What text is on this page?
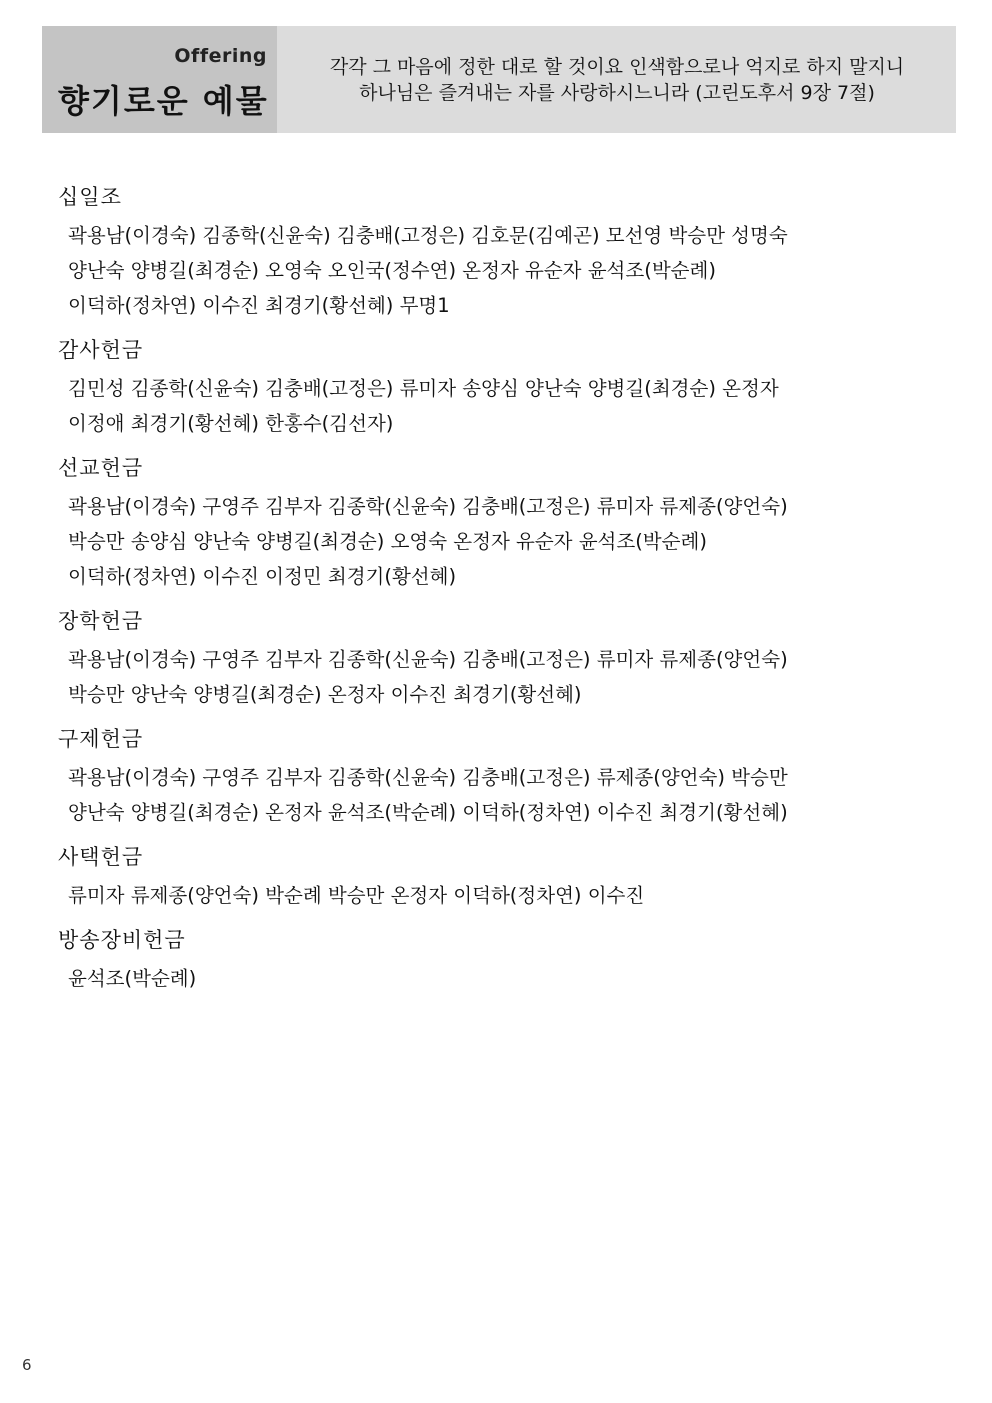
Offering
향기로운 예물
각각 그 마음에 정한 대로 할 것이요 인색함으로나 억지로 하지 말지니
하나님은 즐겨내는 자를 사랑하시느니라 (고린도후서 9장 7절)
십일조
곽용남(이경숙) 김종학(신윤숙) 김충배(고정은) 김호문(김예곤) 모선영 박승만 성명숙
양난숙 양병길(최경순) 오영숙 오인국(정수연) 온정자 유순자 윤석조(박순례)
이덕하(정차연) 이수진 최경기(황선혜) 무명1
감사헌금
김민성 김종학(신윤숙) 김충배(고정은) 류미자 송양심 양난숙 양병길(최경순) 온정자
이정애 최경기(황선혜) 한홍수(김선자)
선교헌금
곽용남(이경숙) 구영주 김부자 김종학(신윤숙) 김충배(고정은) 류미자 류제종(양언숙)
박승만 송양심 양난숙 양병길(최경순) 오영숙 온정자 유순자 윤석조(박순례)
이덕하(정차연) 이수진 이정민 최경기(황선혜)
장학헌금
곽용남(이경숙) 구영주 김부자 김종학(신윤숙) 김충배(고정은) 류미자 류제종(양언숙)
박승만 양난숙 양병길(최경순) 온정자 이수진 최경기(황선혜)
구제헌금
곽용남(이경숙) 구영주 김부자 김종학(신윤숙) 김충배(고정은) 류제종(양언숙) 박승만
양난숙 양병길(최경순) 온정자 윤석조(박순례) 이덕하(정차연) 이수진 최경기(황선혜)
사택헌금
류미자 류제종(양언숙) 박순례 박승만 온정자 이덕하(정차연) 이수진
방송장비헌금
윤석조(박순례)
6
